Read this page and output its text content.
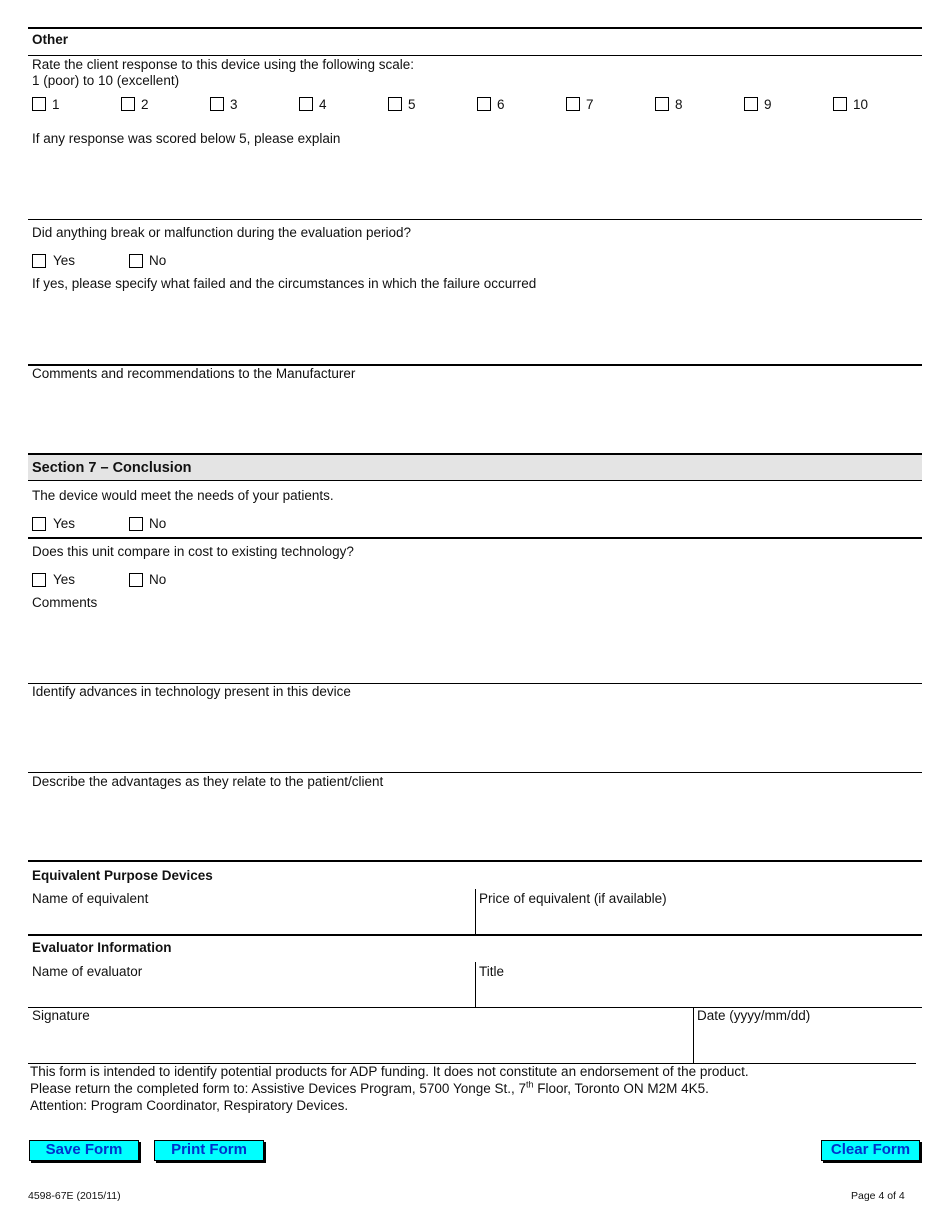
Other
Rate the client response to this device using the following scale:
1 (poor) to 10 (excellent)
1	2	3	4	5	6	7	8	9	10
If any response was scored below 5, please explain
Did anything break or malfunction during the evaluation period?
Yes	No
If yes, please specify what failed and the circumstances in which the failure occurred
Comments and recommendations to the Manufacturer
Section 7 – Conclusion
The device would meet the needs of your patients.
Yes	No
Does this unit compare in cost to existing technology?
Yes	No
Comments
Identify advances in technology present in this device
Describe the advantages as they relate to the patient/client
Equivalent Purpose Devices
Name of equivalent	Price of equivalent (if available)
Evaluator Information
Name of evaluator	Title
Signature	Date (yyyy/mm/dd)
This form is intended to identify potential products for ADP funding. It does not constitute an endorsement of the product.
Please return the completed form to: Assistive Devices Program, 5700 Yonge St., 7th Floor, Toronto ON M2M 4K5.
Attention: Program Coordinator, Respiratory Devices.
Save Form	Print Form	Clear Form
4598-67E (2015/11)	Page 4 of 4
